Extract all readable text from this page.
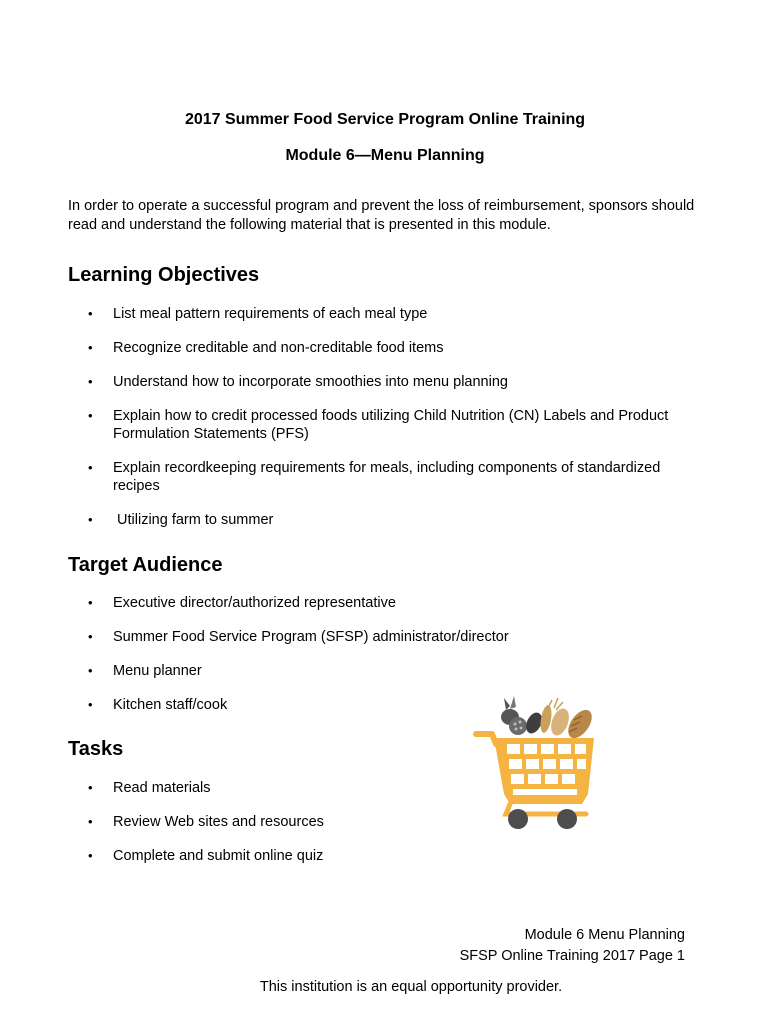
2017 Summer Food Service Program Online Training
Module 6—Menu Planning
In order to operate a successful program and prevent the loss of reimbursement, sponsors should read and understand the following material that is presented in this module.
Learning Objectives
• List meal pattern requirements of each meal type
• Recognize creditable and non-creditable food items
• Understand how to incorporate smoothies into menu planning
• Explain how to credit processed foods utilizing Child Nutrition (CN) Labels and Product Formulation Statements (PFS)
• Explain recordkeeping requirements for meals, including components of standardized recipes
•  Utilizing farm to summer
Target Audience
• Executive director/authorized representative
• Summer Food Service Program (SFSP) administrator/director
• Menu planner
• Kitchen staff/cook
Tasks
• Read materials
• Review Web sites and resources
• Complete and submit online quiz
Module 6 Menu Planning
SFSP Online Training 2017 Page 1
This institution is an equal opportunity provider.
